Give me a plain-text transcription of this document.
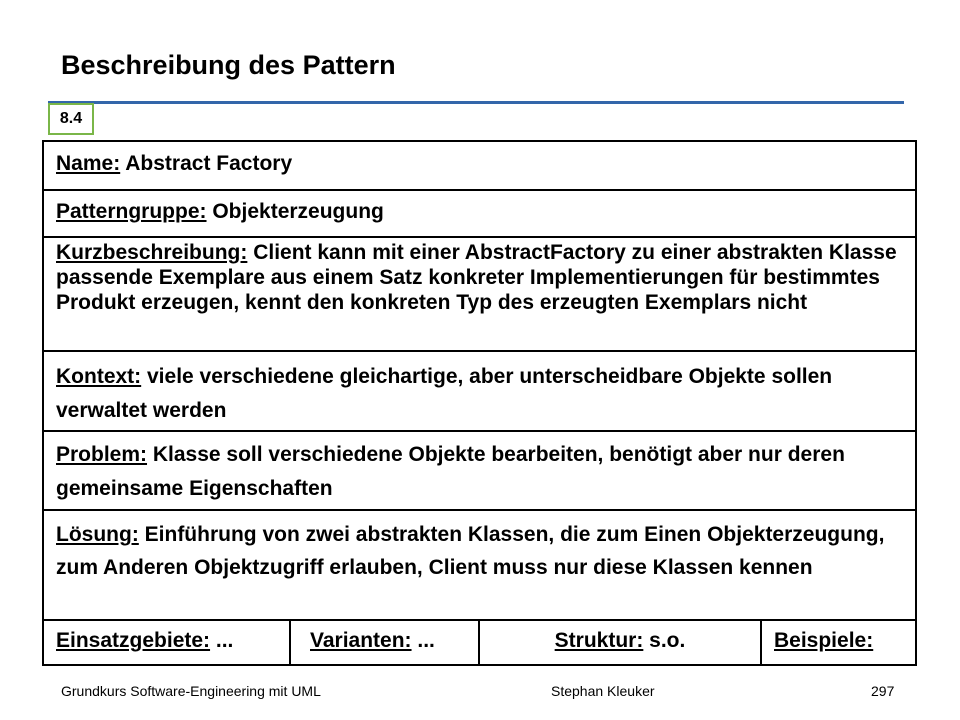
Beschreibung des Pattern
8.4
Name: Abstract Factory
Patterngruppe: Objekterzeugung
Kurzbeschreibung: Client kann mit einer AbstractFactory zu einer abstrakten Klasse passende Exemplare aus einem Satz konkreter Implementierungen für bestimmtes Produkt erzeugen, kennt den konkreten Typ des erzeugten Exemplars nicht
Kontext: viele verschiedene gleichartige, aber unterscheidbare Objekte sollen verwaltet werden
Problem: Klasse soll verschiedene Objekte bearbeiten, benötigt aber nur deren gemeinsame Eigenschaften
Lösung: Einführung von zwei abstrakten Klassen, die zum Einen Objekterzeugung, zum Anderen Objektzugriff erlauben, Client muss nur diese Klassen kennen
Einsatzgebiete: ...	Varianten: ...	Struktur: s.o.	Beispiele:
Grundkurs Software-Engineering mit UML	Stephan Kleuker	297
